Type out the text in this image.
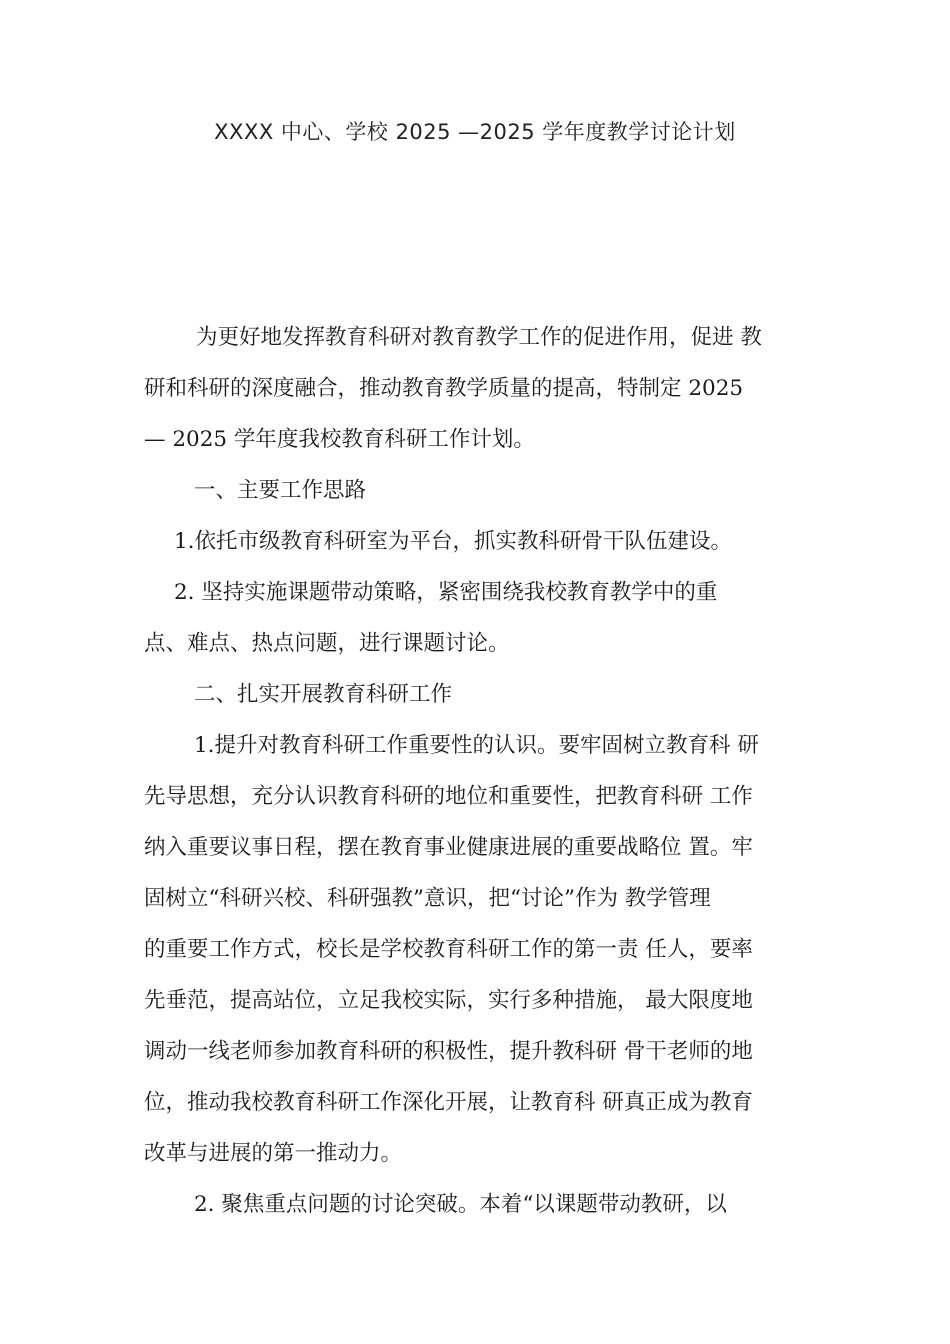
XXXX 中心、学校 2025 —2025 学年度教学讨论计划

为更好地发挥教育科研对教育教学工作的促进作用，促进 教

研和科研的深度融合，推动教育教学质量的提高，特制定 2025

— 2025 学年度我校教育科研工作计划。

一、主要工作思路

1.依托市级教育科研室为平台，抓实教科研骨干队伍建设。

2. 坚持实施课题带动策略，紧密围绕我校教育教学中的重

点、难点、热点问题，进行课题讨论。

二、扎实开展教育科研工作

1.提升对教育科研工作重要性的认识。要牢固树立教育科 研

先导思想，充分认识教育科研的地位和重要性，把教育科研 工作

纳入重要议事日程，摆在教育事业健康进展的重要战略位 置。牢

固树立“科研兴校、科研强教”意识，把“讨论”作为 教学管理

的重要工作方式，校长是学校教育科研工作的第一责 任人，要率

先垂范，提高站位，立足我校实际，实行多种措施， 最大限度地

调动一线老师参加教育科研的积极性，提升教科研 骨干老师的地

位，推动我校教育科研工作深化开展，让教育科 研真正成为教育

改革与进展的第一推动力。

2. 聚焦重点问题的讨论突破。本着“以课题带动教研，以
